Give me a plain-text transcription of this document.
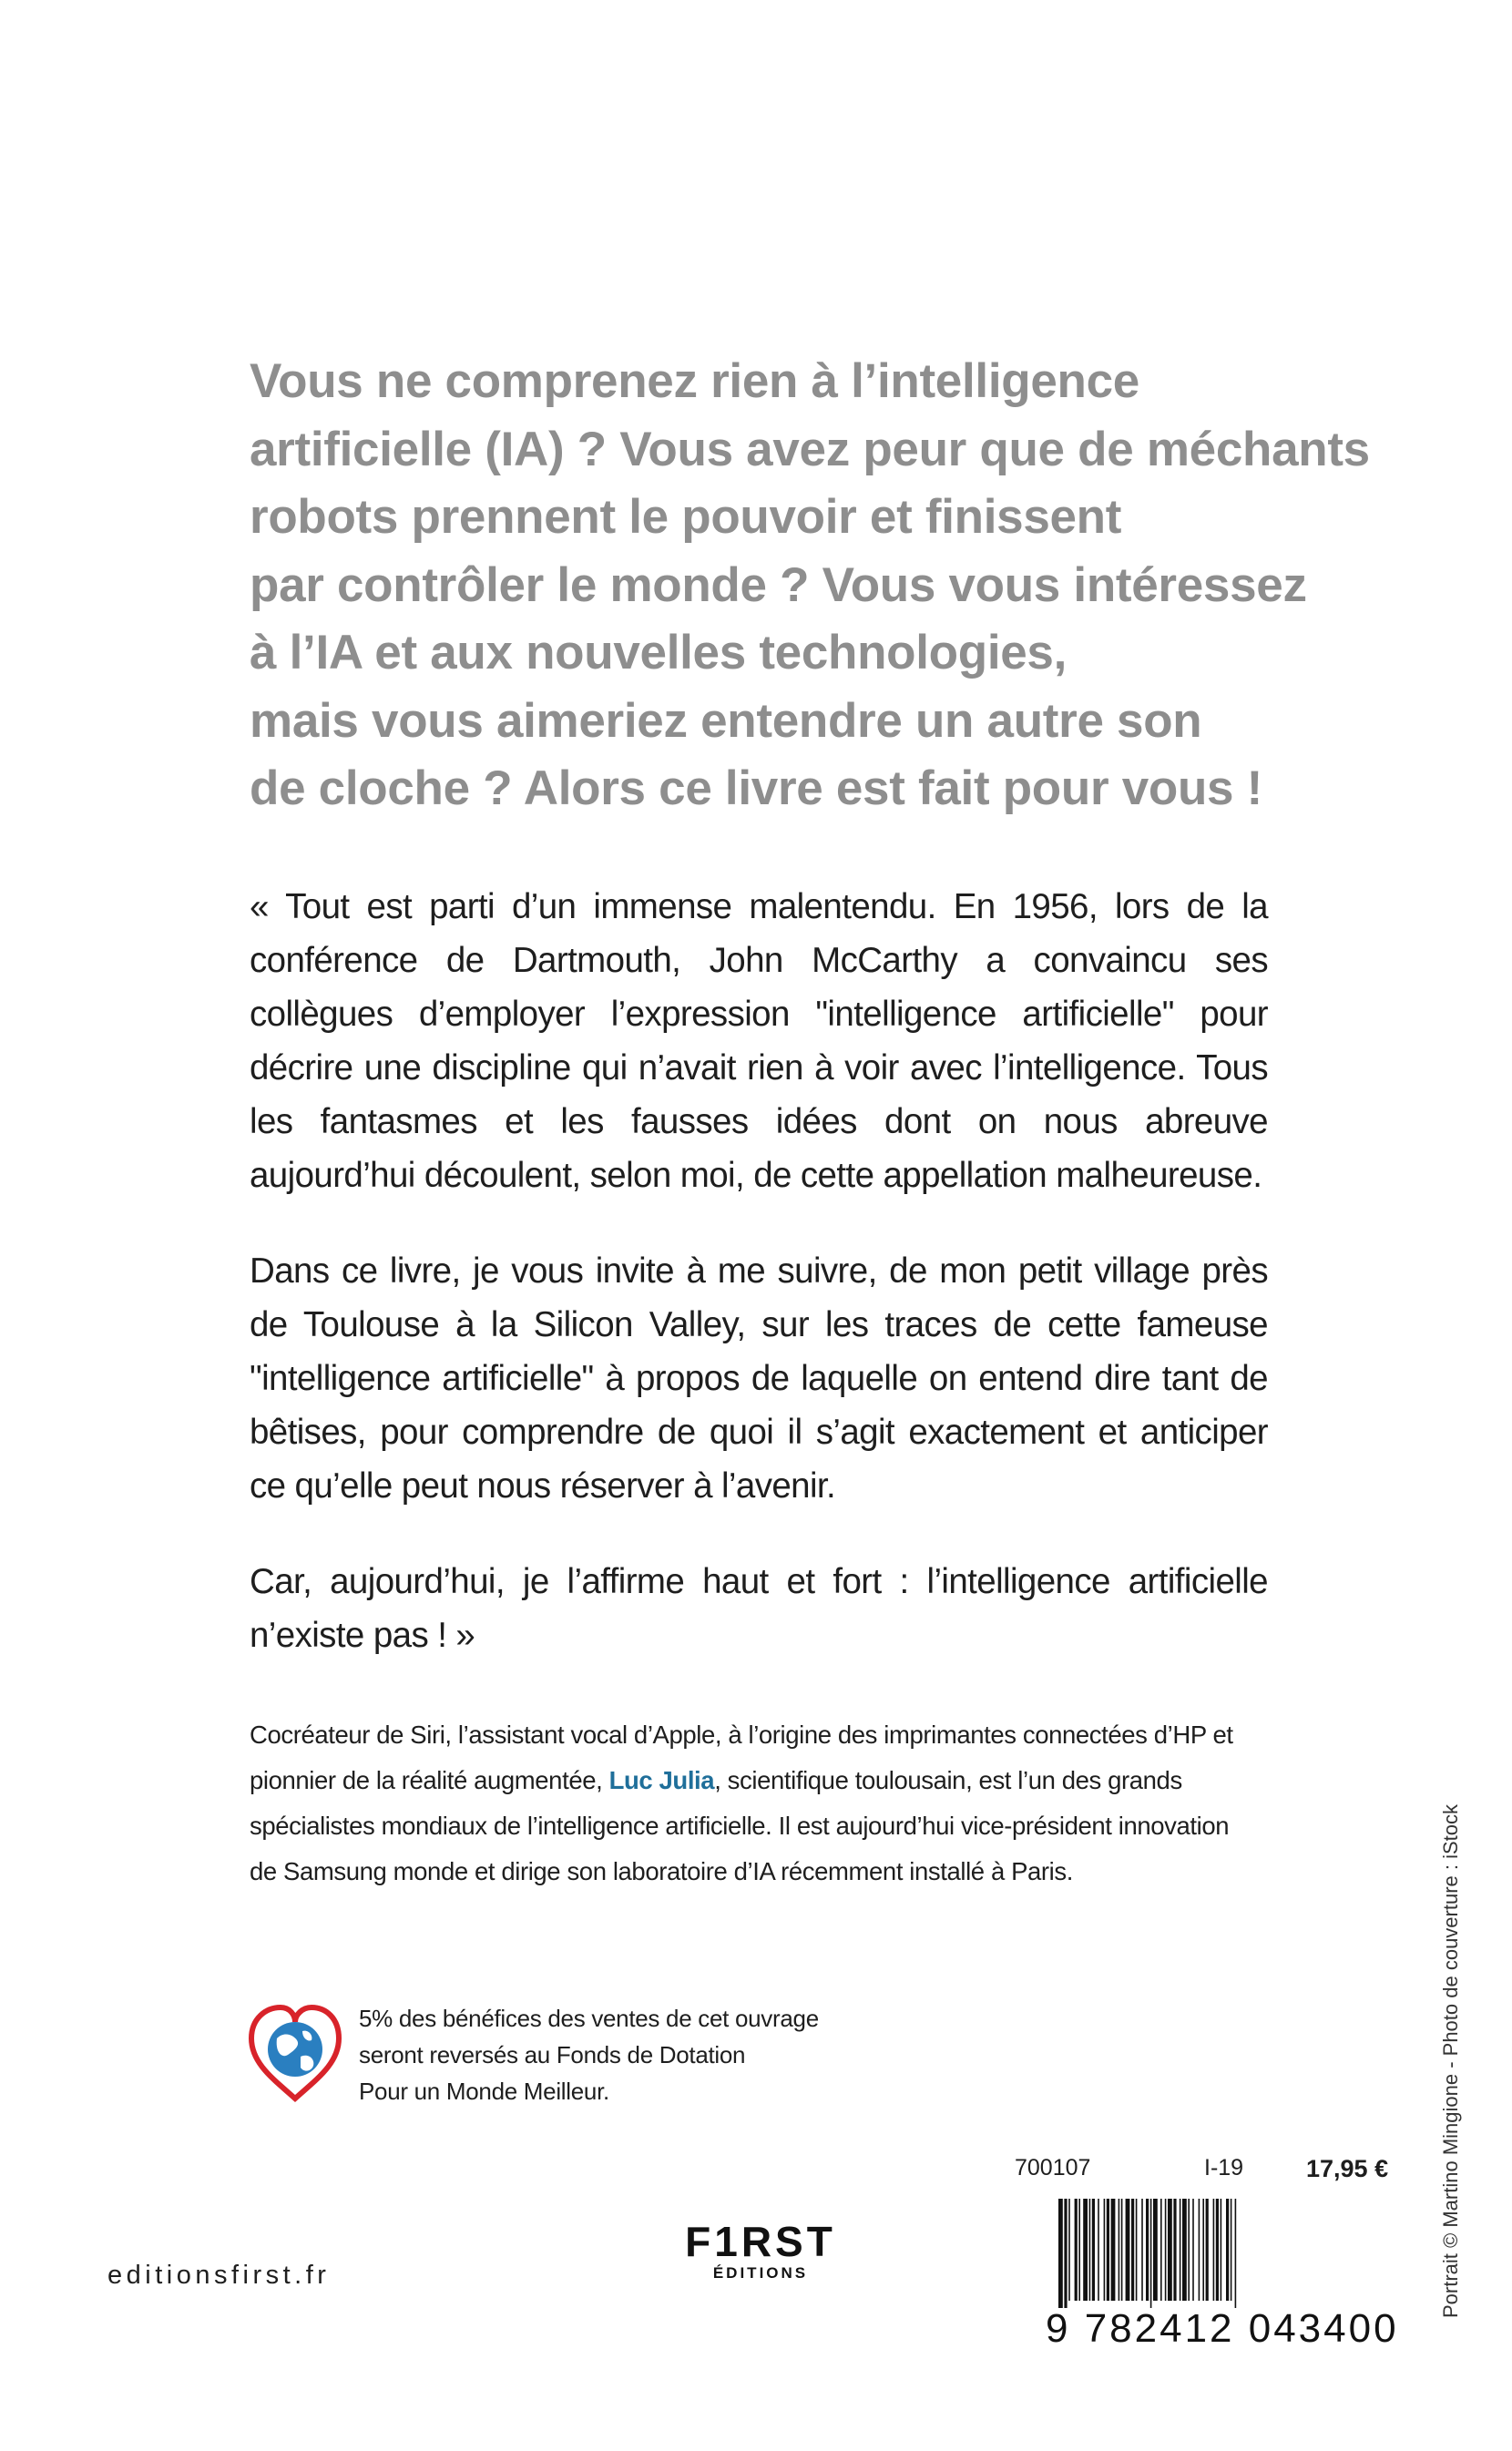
Vous ne comprenez rien à l’intelligence
artificielle (IA) ? Vous avez peur que de méchants
robots prennent le pouvoir et finissent
par contrôler le monde ? Vous vous intéressez
à l’IA et aux nouvelles technologies,
mais vous aimeriez entendre un autre son
de cloche ? Alors ce livre est fait pour vous !

« Tout est parti d’un immense malentendu. En 1956, lors de la conférence de Dartmouth, John McCarthy a convaincu ses collègues d’employer l’expression "intelligence artificielle" pour décrire une discipline qui n’avait rien à voir avec l’intelligence. Tous les fantasmes et les fausses idées dont on nous abreuve aujourd’hui découlent, selon moi, de cette appellation malheureuse.

Dans ce livre, je vous invite à me suivre, de mon petit village près de Toulouse à la Silicon Valley, sur les traces de cette fameuse "intelligence artificielle" à propos de laquelle on entend dire tant de bêtises, pour comprendre de quoi il s’agit exactement et anticiper ce qu’elle peut nous réserver à l’avenir.

Car, aujourd’hui, je l’affirme haut et fort : l’intelligence artificielle n’existe pas ! »

Cocréateur de Siri, l’assistant vocal d’Apple, à l’origine des imprimantes connectées d’HP et
pionnier de la réalité augmentée, Luc Julia, scientifique toulousain, est l’un des grands
spécialistes mondiaux de l’intelligence artificielle. Il est aujourd’hui vice-président innovation
de Samsung monde et dirige son laboratoire d’IA récemment installé à Paris.
5% des bénéfices des ventes de cet ouvrage
seront reversés au Fonds de Dotation
Pour un Monde Meilleur.
700107	I-19	17,95 €
9 782412 043400
editionsfirst.fr
F1RST
ÉDITIONS	Portrait © Martino Mingione - Photo de couverture : iStock
